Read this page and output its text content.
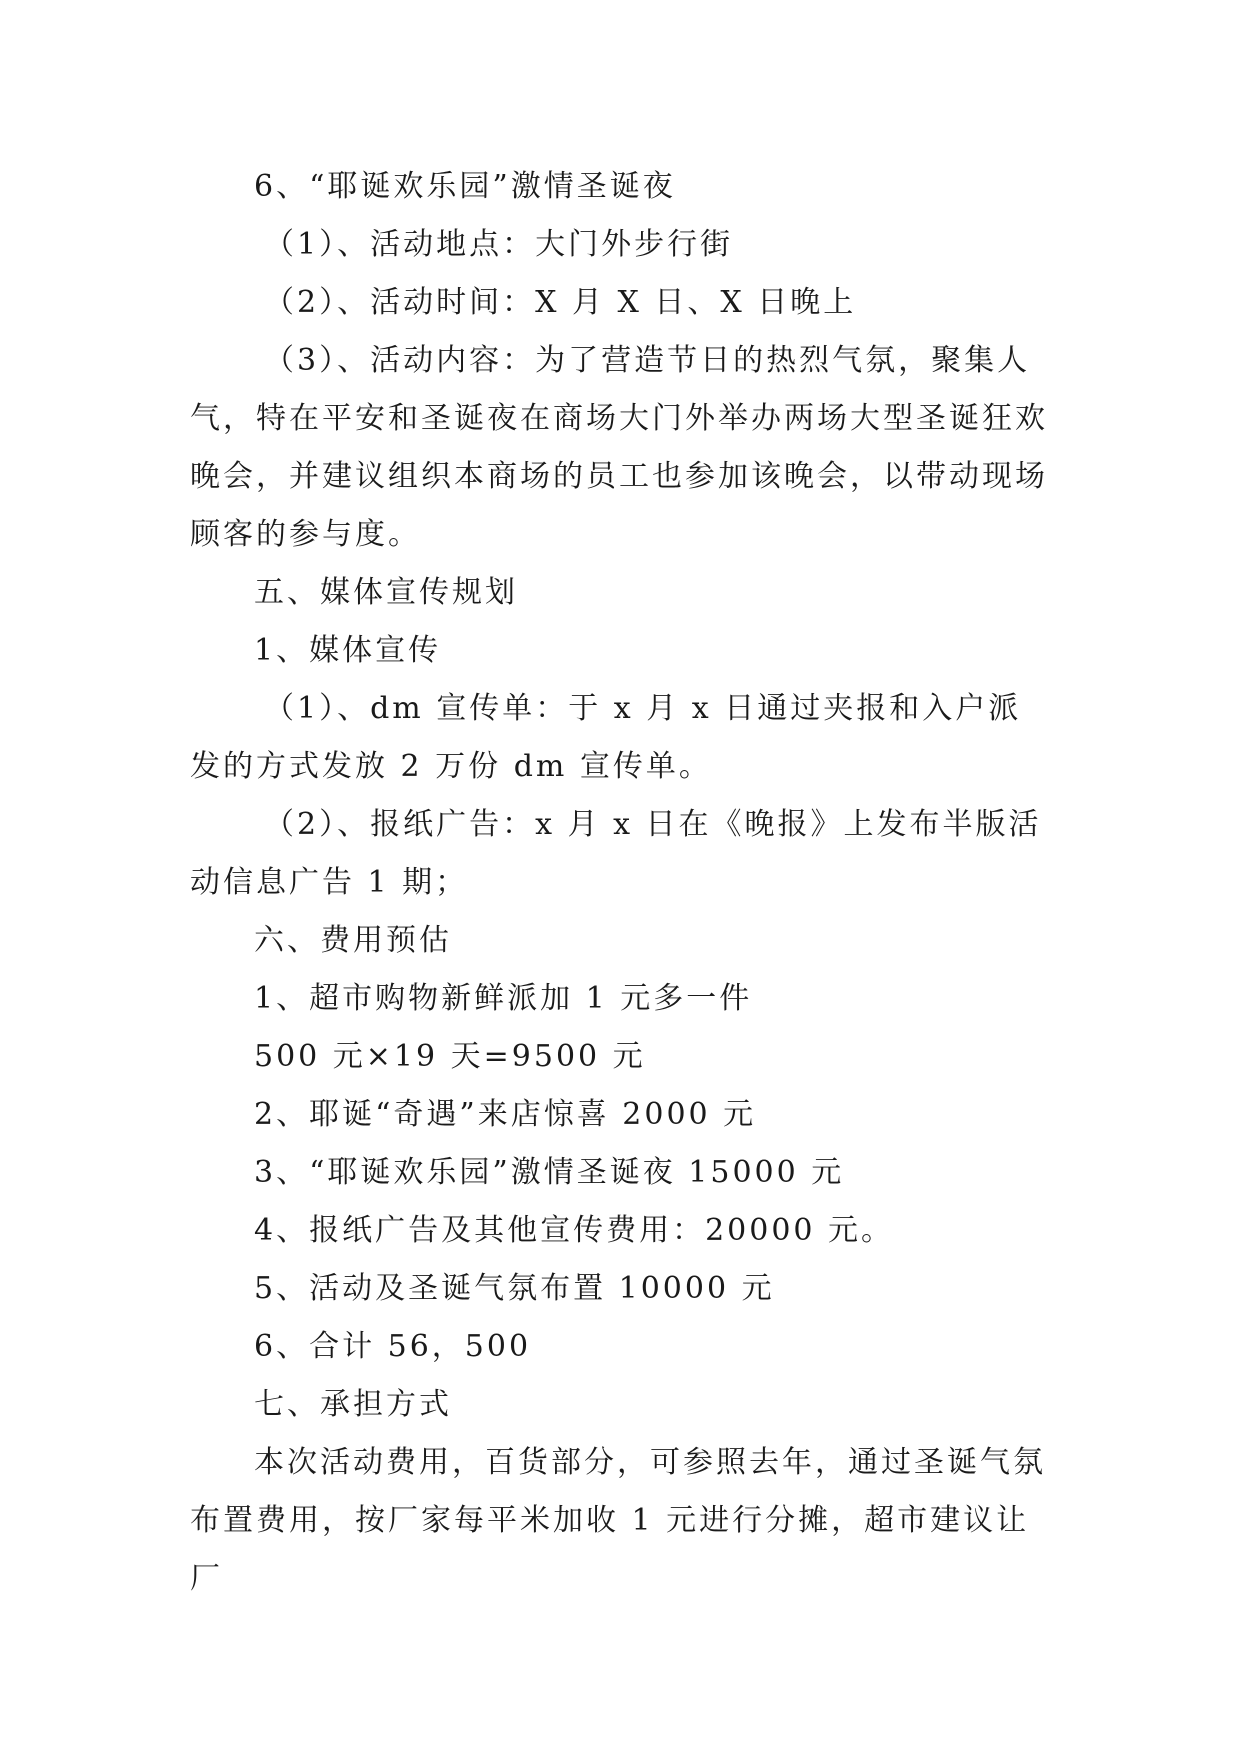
6、“耶诞欢乐园”激情圣诞夜

（1）、活动地点：大门外步行街

（2）、活动时间：X 月 X 日、X 日晚上

（3）、活动内容：为了营造节日的热烈气氛，聚集人气，特在平安和圣诞夜在商场大门外举办两场大型圣诞狂欢晚会，并建议组织本商场的员工也参加该晚会，以带动现场顾客的参与度。

五、媒体宣传规划

1、媒体宣传

（1）、dm 宣传单：于 x 月 x 日通过夹报和入户派发的方式发放 2 万份 dm 宣传单。

（2）、报纸广告：x 月 x 日在《晚报》上发布半版活动信息广告 1 期；

六、费用预估

1、超市购物新鲜派加 1 元多一件

500 元×19 天=9500 元

2、耶诞“奇遇”来店惊喜 2000 元

3、“耶诞欢乐园”激情圣诞夜 15000 元

4、报纸广告及其他宣传费用：20000 元。

5、活动及圣诞气氛布置 10000 元

6、合计 56，500

七、承担方式

本次活动费用，百货部分，可参照去年，通过圣诞气氛布置费用，按厂家每平米加收 1 元进行分摊，超市建议让厂
